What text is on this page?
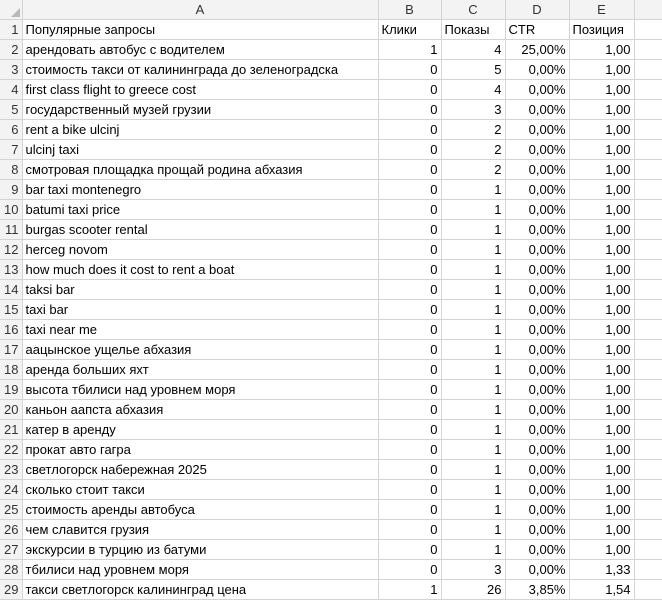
	A	B	C	D	E	
1	Популярные запросы	Клики	Показы	CTR	Позиция	
2	арендовать автобус с водителем	1	4	25,00%	1,00	
3	стоимость такси от калининграда до зеленоградска	0	5	0,00%	1,00	
4	first class flight to greece cost	0	4	0,00%	1,00	
5	государственный музей грузии	0	3	0,00%	1,00	
6	rent a bike ulcinj	0	2	0,00%	1,00	
7	ulcinj taxi	0	2	0,00%	1,00	
8	смотровая площадка прощай родина абхазия	0	2	0,00%	1,00	
9	bar taxi montenegro	0	1	0,00%	1,00	
10	batumi taxi price	0	1	0,00%	1,00	
11	burgas scooter rental	0	1	0,00%	1,00	
12	herceg novom	0	1	0,00%	1,00	
13	how much does it cost to rent a boat	0	1	0,00%	1,00	
14	taksi bar	0	1	0,00%	1,00	
15	taxi bar	0	1	0,00%	1,00	
16	taxi near me	0	1	0,00%	1,00	
17	аацынское ущелье абхазия	0	1	0,00%	1,00	
18	аренда больших яхт	0	1	0,00%	1,00	
19	высота тбилиси над уровнем моря	0	1	0,00%	1,00	
20	каньон аапста абхазия	0	1	0,00%	1,00	
21	катер в аренду	0	1	0,00%	1,00	
22	прокат авто гагра	0	1	0,00%	1,00	
23	светлогорск набережная 2025	0	1	0,00%	1,00	
24	сколько стоит такси	0	1	0,00%	1,00	
25	стоимость аренды автобуса	0	1	0,00%	1,00	
26	чем славится грузия	0	1	0,00%	1,00	
27	экскурсии в турцию из батуми	0	1	0,00%	1,00	
28	тбилиси над уровнем моря	0	3	0,00%	1,33	
29	такси светлогорск калининград цена	1	26	3,85%	1,54	
